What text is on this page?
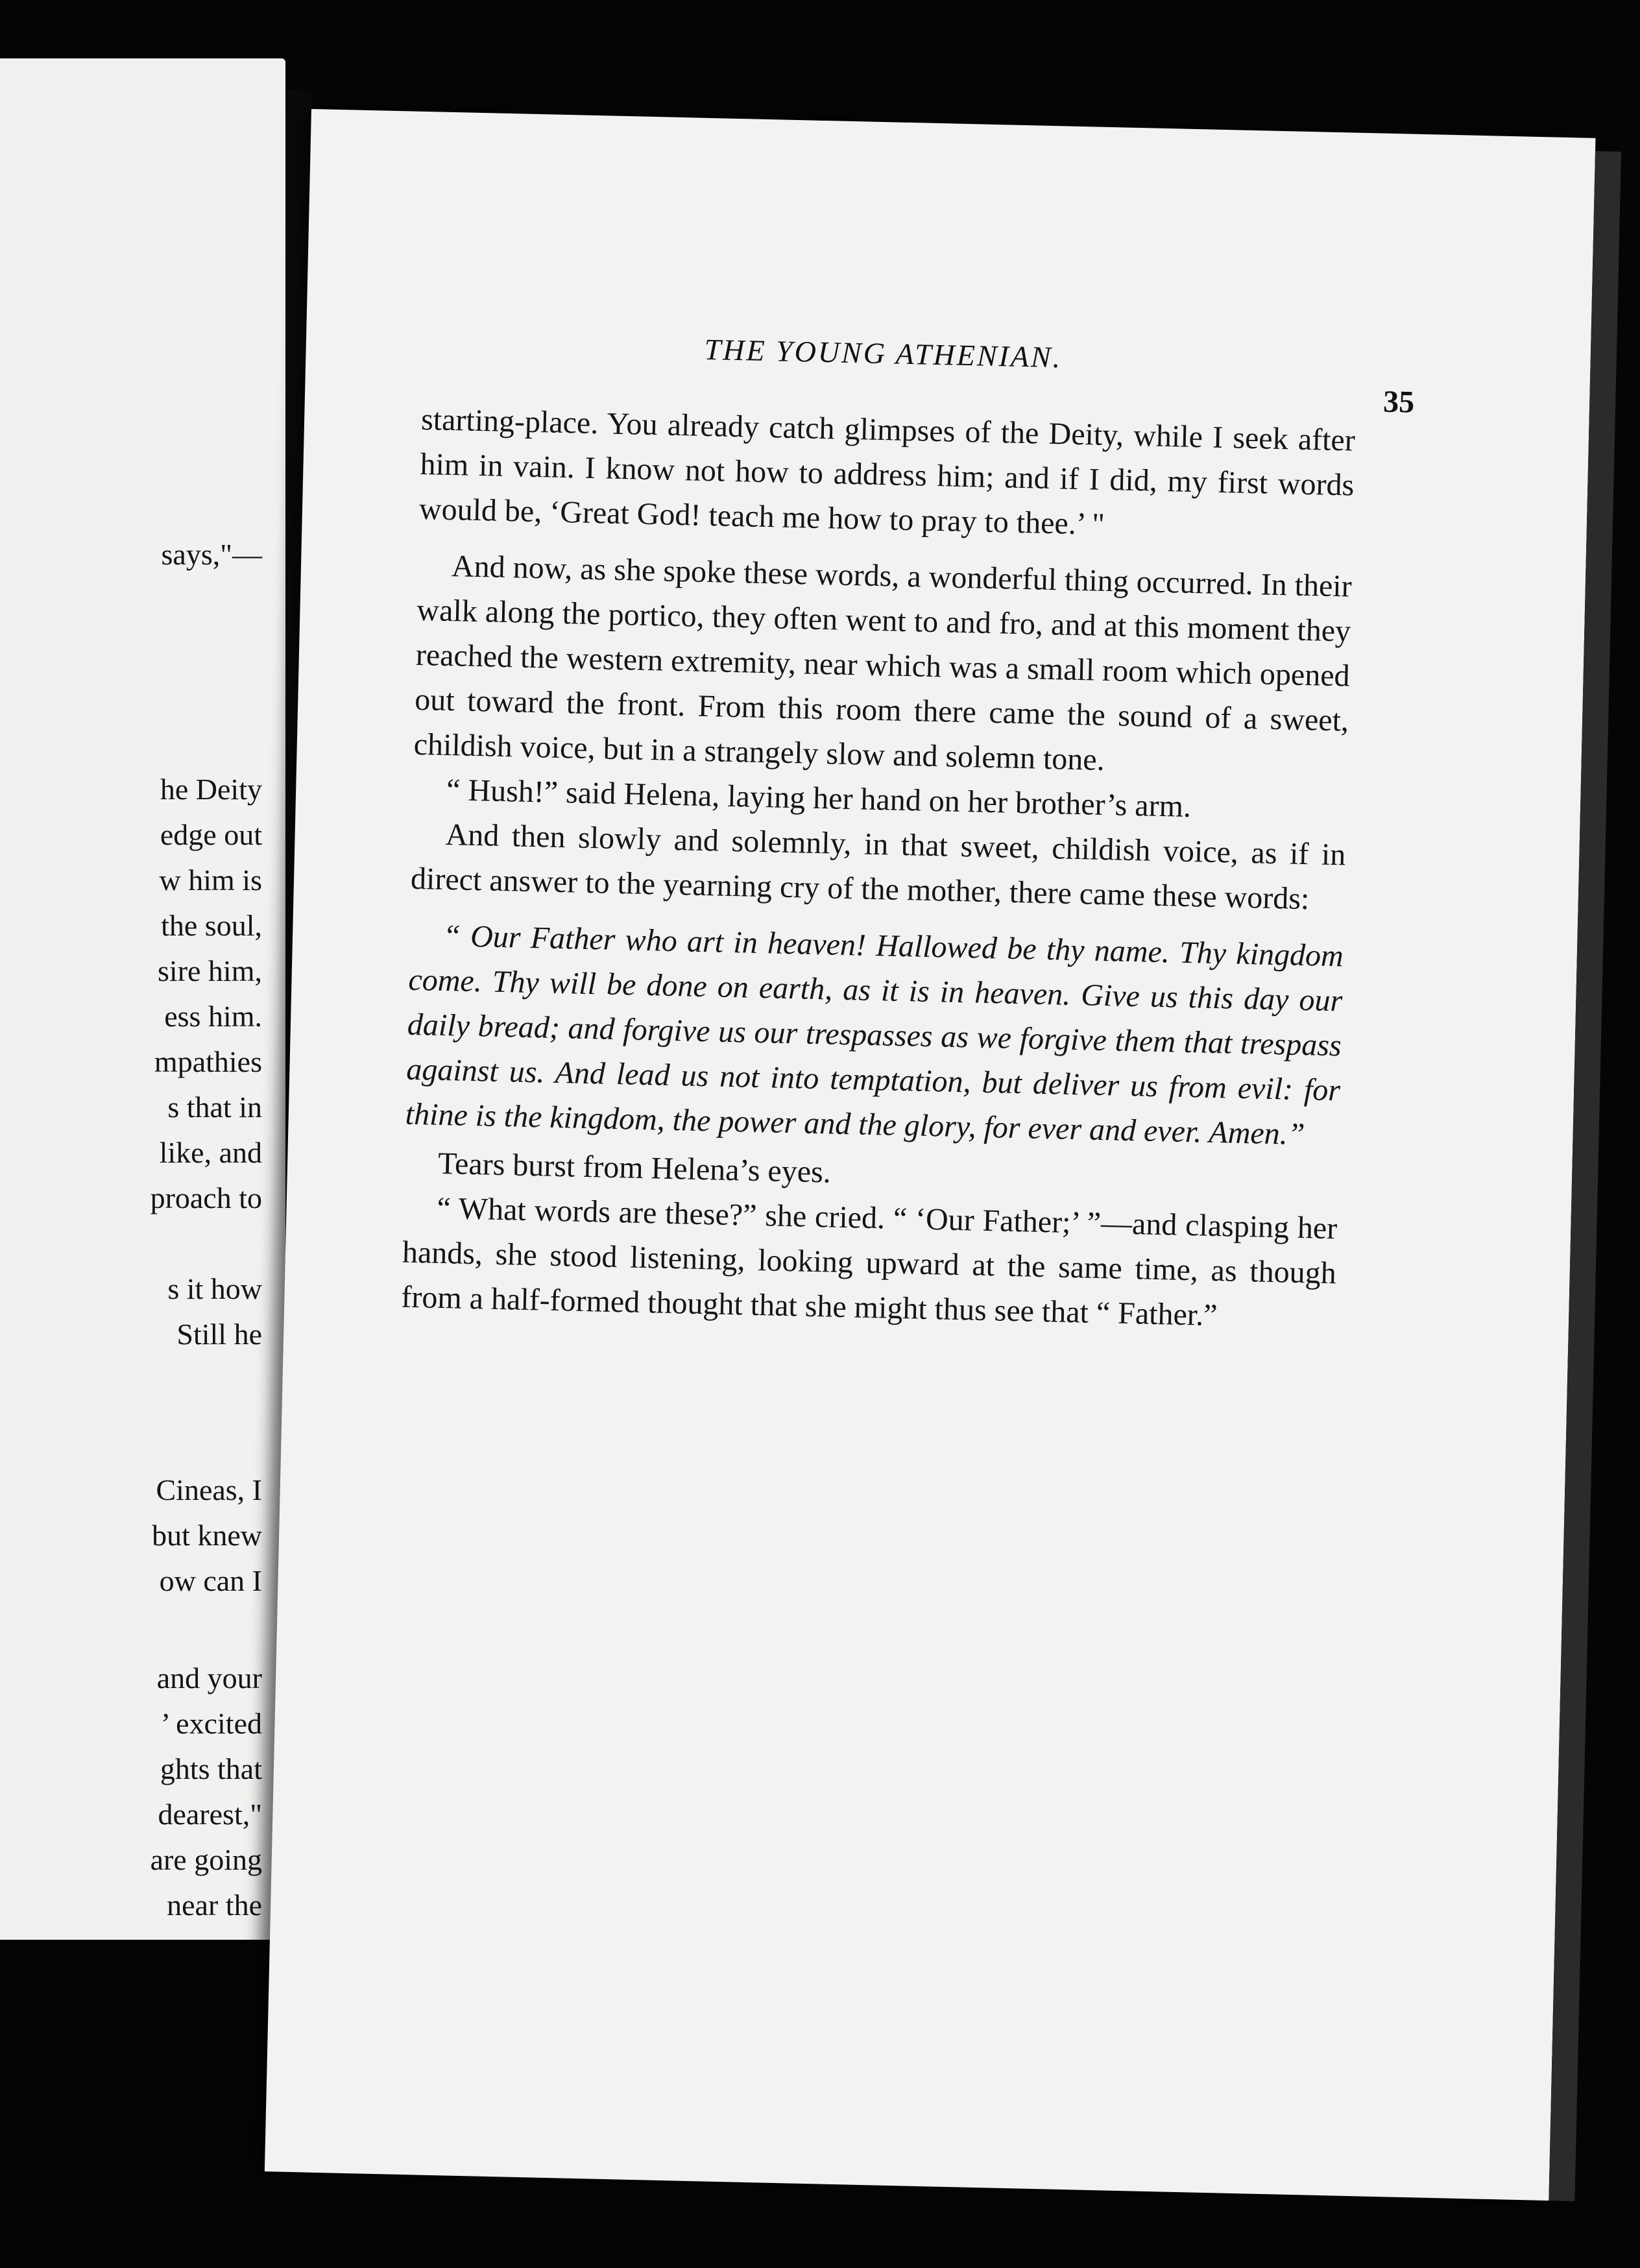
says,"—
he Deity
edge out
w him is
the soul,
sire him,
ess him.
mpathies
s that in
like, and
proach to
s it how
Still he
Cineas, I
but knew
ow can I
and your
’ excited
ghts that
dearest,"
are going
near the
THE YOUNG ATHENIAN.
35

starting-place. You already catch glimpses of the Deity, while I seek after him in vain. I know not how to address him; and if I did, my first words would be, ‘Great God! teach me how to pray to thee.’ "

And now, as she spoke these words, a wonderful thing occurred. In their walk along the portico, they often went to and fro, and at this moment they reached the western extremity, near which was a small room which opened out toward the front. From this room there came the sound of a sweet, childish voice, but in a strangely slow and solemn tone.

“ Hush!” said Helena, laying her hand on her brother’s arm.

And then slowly and solemnly, in that sweet, childish voice, as if in direct answer to the yearning cry of the mother, there came these words:

“ Our Father who art in heaven! Hallowed be thy name. Thy kingdom come. Thy will be done on earth, as it is in heaven. Give us this day our daily bread; and forgive us our trespasses as we forgive them that trespass against us. And lead us not into temptation, but deliver us from evil: for thine is the kingdom, the power and the glory, for ever and ever. Amen.”

Tears burst from Helena’s eyes.

“ What words are these?” she cried. “ ‘Our Father;’ ”—and clasping her hands, she stood listening, looking upward at the same time, as though from a half-formed thought that she might thus see that “ Father.”
